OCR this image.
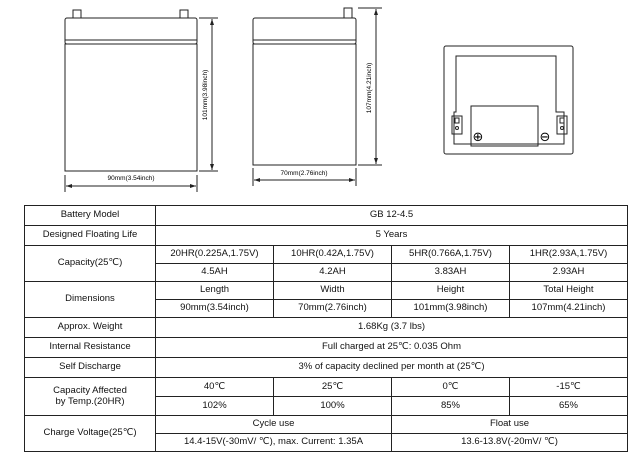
90mm(3.54inch)
101mm(3.98inch)
70mm(2.76inch)
107mm(4.21inch)
⊕	⊖
Battery Model	GB 12-4.5			
Designed Floating Life	5 Years			
Capacity(25℃)	20HR(0.225A,1.75V)	10HR(0.42A,1.75V)	5HR(0.766A,1.75V)	1HR(2.93A,1.75V)
	4.5AH	4.2AH	3.83AH	2.93AH
Dimensions	Length	Width	Height	Total Height
	90mm(3.54inch)	70mm(2.76inch)	101mm(3.98inch)	107mm(4.21inch)
Approx. Weight	1.68Kg (3.7 lbs)			
Internal Resistance	Full charged at 25℃: 0.035 Ohm			
Self Discharge	3% of capacity declined per month at (25℃)			
Capacity Affected
by Temp.(20HR)	40℃	25℃	0℃	-15℃
	102%	100%	85%	65%
Charge Voltage(25℃)	Cycle use		Float use	
	14.4-15V(-30mV/ ℃), max. Current: 1.35A		13.6-13.8V(-20mV/ ℃)	
